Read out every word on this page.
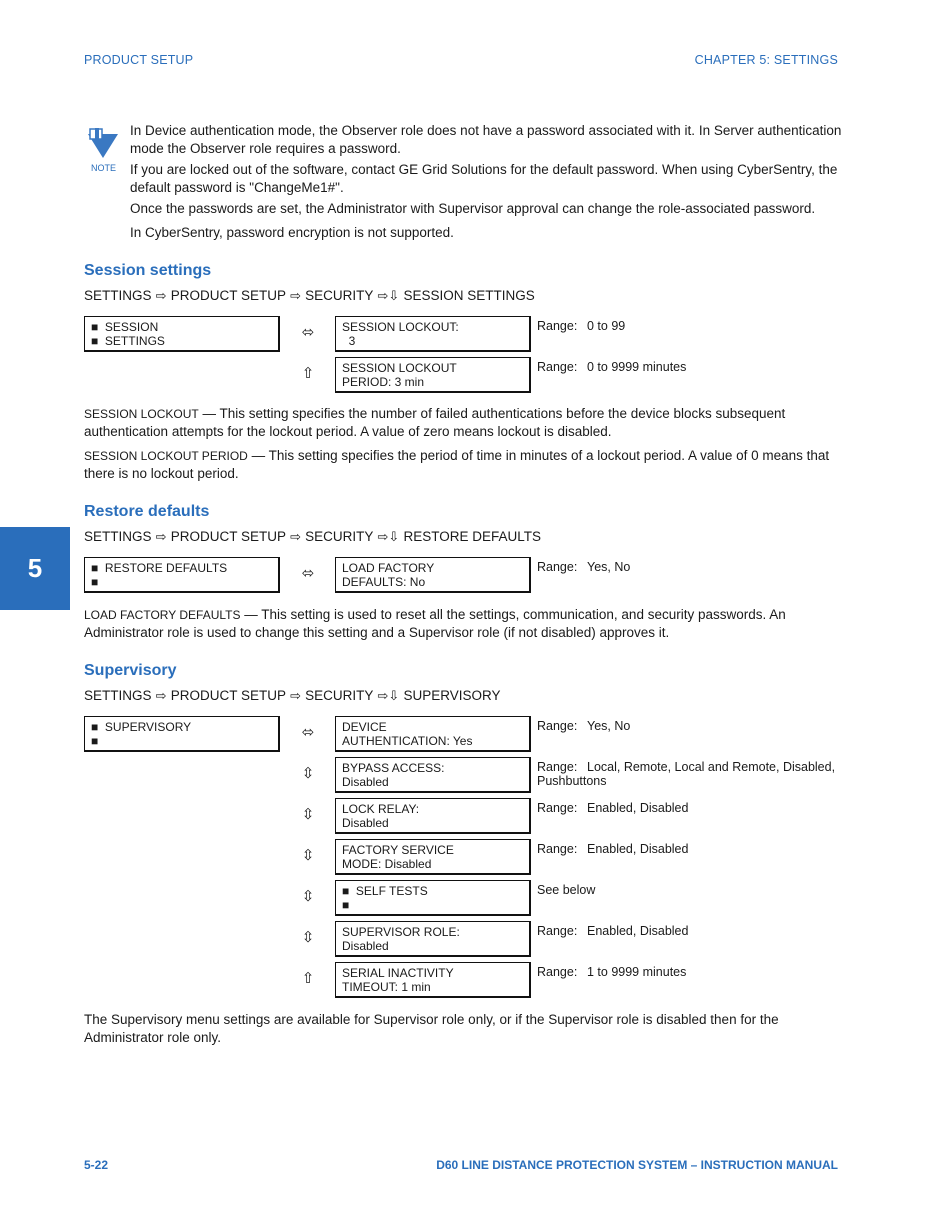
PRODUCT SETUP	CHAPTER 5: SETTINGS
NOTE

In Device authentication mode, the Observer role does not have a password associated with it. In Server authentication mode the Observer role requires a password.

If you are locked out of the software, contact GE Grid Solutions for the default password. When using CyberSentry, the default password is "ChangeMe1#".

Once the passwords are set, the Administrator with Supervisor approval can change the role-associated password.

In CyberSentry, password encryption is not supported.

5
Session settings
SETTINGS ⇨ PRODUCT SETUP ⇨ SECURITY ⇨⇩ SESSION SETTINGS
■  SESSION
■  SETTINGS	⬄	SESSION LOCKOUT:
3
Range: 0 to 99
⇧	SESSION LOCKOUT
PERIOD: 3 min
Range: 0 to 9999 minutes

SESSION LOCKOUT — This setting specifies the number of failed authentications before the device blocks subsequent authentication attempts for the lockout period. A value of zero means lockout is disabled.

SESSION LOCKOUT PERIOD — This setting specifies the period of time in minutes of a lockout period. A value of 0 means that there is no lockout period.

Restore defaults
SETTINGS ⇨ PRODUCT SETUP ⇨ SECURITY ⇨⇩ RESTORE DEFAULTS
■  RESTORE DEFAULTS
■	⬄	LOAD FACTORY
DEFAULTS: No
Range: Yes, No

LOAD FACTORY DEFAULTS — This setting is used to reset all the settings, communication, and security passwords. An Administrator role is used to change this setting and a Supervisor role (if not disabled) approves it.

Supervisory
SETTINGS ⇨ PRODUCT SETUP ⇨ SECURITY ⇨⇩ SUPERVISORY
■  SUPERVISORY
■	⬄	DEVICE
AUTHENTICATION: Yes
Range: Yes, No
⇳	BYPASS ACCESS:
Disabled
Range: Local, Remote, Local and Remote, Disabled, Pushbuttons
⇳	LOCK RELAY:
Disabled
Range: Enabled, Disabled
⇳	FACTORY SERVICE
MODE: Disabled
Range: Enabled, Disabled
⇳	■  SELF TESTS
■
See below
⇳	SUPERVISOR ROLE:
Disabled
Range: Enabled, Disabled
⇧	SERIAL INACTIVITY
TIMEOUT: 1 min
Range: 1 to 9999 minutes

The Supervisory menu settings are available for Supervisor role only, or if the Supervisor role is disabled then for the Administrator role only.

5-22	D60 LINE DISTANCE PROTECTION SYSTEM – INSTRUCTION MANUAL
